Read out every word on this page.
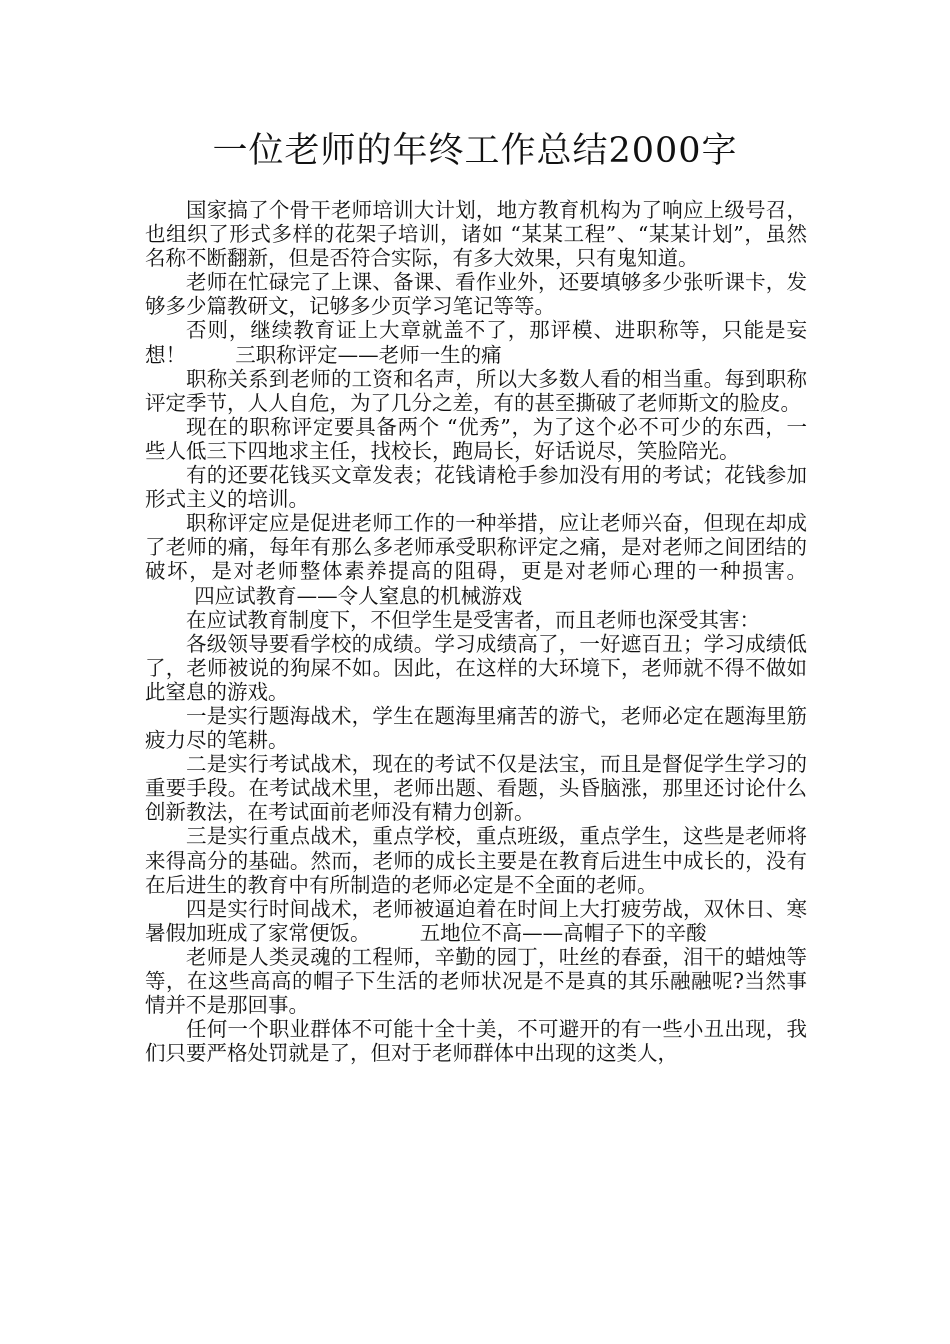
一位老师的年终工作总结2000字

国家搞了个骨干老师培训大计划，地方教育机构为了响应上级号召，也组织了形式多样的花架子培训，诸如 “某某工程”、“某某计划”，虽然名称不断翻新，但是否符合实际，有多大效果，只有鬼知道。

老师在忙碌完了上课、备课、看作业外，还要填够多少张听课卡，发够多少篇教研文，记够多少页学习笔记等等。

否则，继续教育证上大章就盖不了，那评模、进职称等，只能是妄想！ 三职称评定——老师一生的痛

职称关系到老师的工资和名声，所以大多数人看的相当重。每到职称评定季节，人人自危，为了几分之差，有的甚至撕破了老师斯文的脸皮。

现在的职称评定要具备两个 “优秀”，为了这个必不可少的东西，一些人低三下四地求主任，找校长，跑局长，好话说尽，笑脸陪光。

有的还要花钱买文章发表；花钱请枪手参加没有用的考试；花钱参加形式主义的培训。

职称评定应是促进老师工作的一种举措，应让老师兴奋，但现在却成了老师的痛，每年有那么多老师承受职称评定之痛，是对老师之间团结的破坏，是对老师整体素养提高的阻碍，更是对老师心理的一种损害。四应试教育——令人窒息的机械游戏

在应试教育制度下，不但学生是受害者，而且老师也深受其害：

各级领导要看学校的成绩。学习成绩高了，一好遮百丑；学习成绩低了，老师被说的狗屎不如。因此，在这样的大环境下，老师就不得不做如此窒息的游戏。

一是实行题海战术，学生在题海里痛苦的游弋，老师必定在题海里筋疲力尽的笔耕。

二是实行考试战术，现在的考试不仅是法宝，而且是督促学生学习的重要手段。在考试战术里，老师出题、看题，头昏脑涨，那里还讨论什么创新教法，在考试面前老师没有精力创新。

三是实行重点战术，重点学校，重点班级，重点学生，这些是老师将来得高分的基础。然而，老师的成长主要是在教育后进生中成长的，没有在后进生的教育中有所制造的老师必定是不全面的老师。

四是实行时间战术，老师被逼迫着在时间上大打疲劳战，双休日、寒暑假加班成了家常便饭。 五地位不高——高帽子下的辛酸

老师是人类灵魂的工程师，辛勤的园丁，吐丝的春蚕，泪干的蜡烛等等，在这些高高的帽子下生活的老师状况是不是真的其乐融融呢?当然事情并不是那回事。

任何一个职业群体不可能十全十美，不可避开的有一些小丑出现，我们只要严格处罚就是了，但对于老师群体中出现的这类人，
